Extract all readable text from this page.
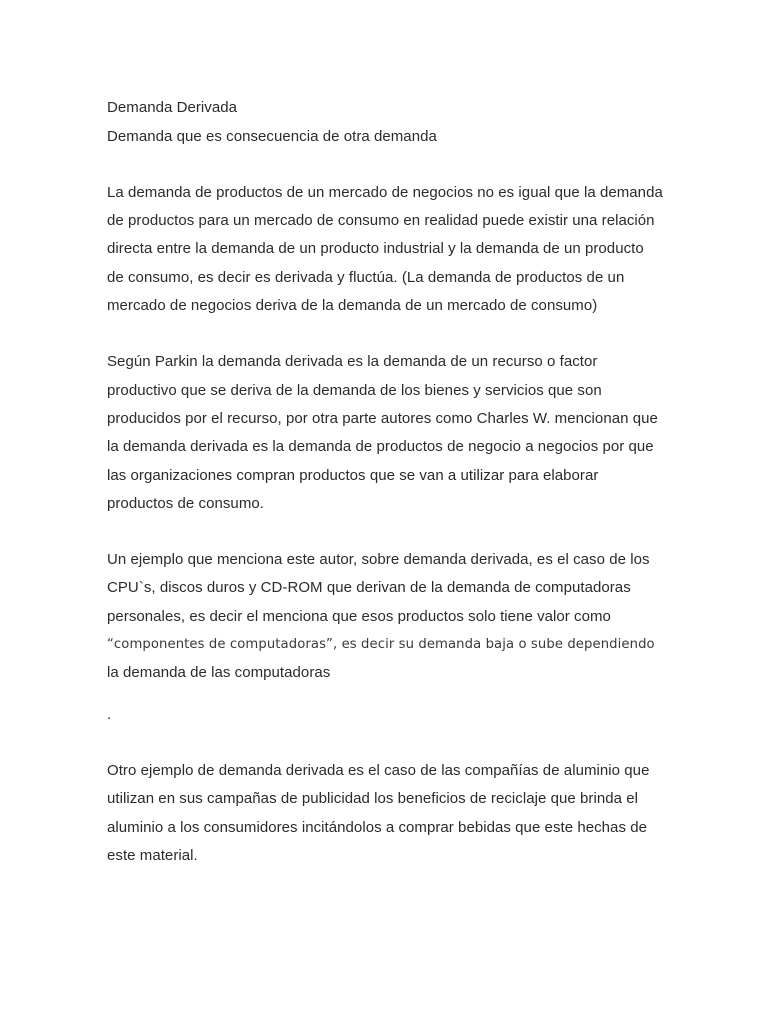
Demanda Derivada
Demanda que es consecuencia de otra demanda
La demanda de productos de un mercado de negocios no es igual que la demanda
de productos para un mercado de consumo en realidad puede existir una relación
directa entre la demanda de un producto industrial y la demanda de un producto
de consumo, es decir es derivada y fluctúa. (La demanda de productos de un
mercado de negocios deriva de la demanda de un mercado de consumo)
Según Parkin la demanda derivada es la demanda de un recurso o factor
productivo que se deriva de la demanda de los bienes y servicios que son
producidos por el recurso, por otra parte autores como Charles W. mencionan que
la demanda derivada es la demanda de productos de negocio a negocios por que
las organizaciones compran productos que se van a utilizar para elaborar
productos de consumo.
Un ejemplo que menciona este autor, sobre demanda derivada, es el caso de los
CPU`s, discos duros y CD-ROM que derivan de la demanda de computadoras
personales, es decir el menciona que esos productos solo tiene valor como
“componentes de computadoras”, es decir su demanda baja o sube dependiendo
la demanda de las computadoras
.
Otro ejemplo de demanda derivada es el caso de las compañías de aluminio que
utilizan en sus campañas de publicidad los beneficios de reciclaje que brinda el
aluminio a los consumidores incitándolos a comprar bebidas que este hechas de
este material.
